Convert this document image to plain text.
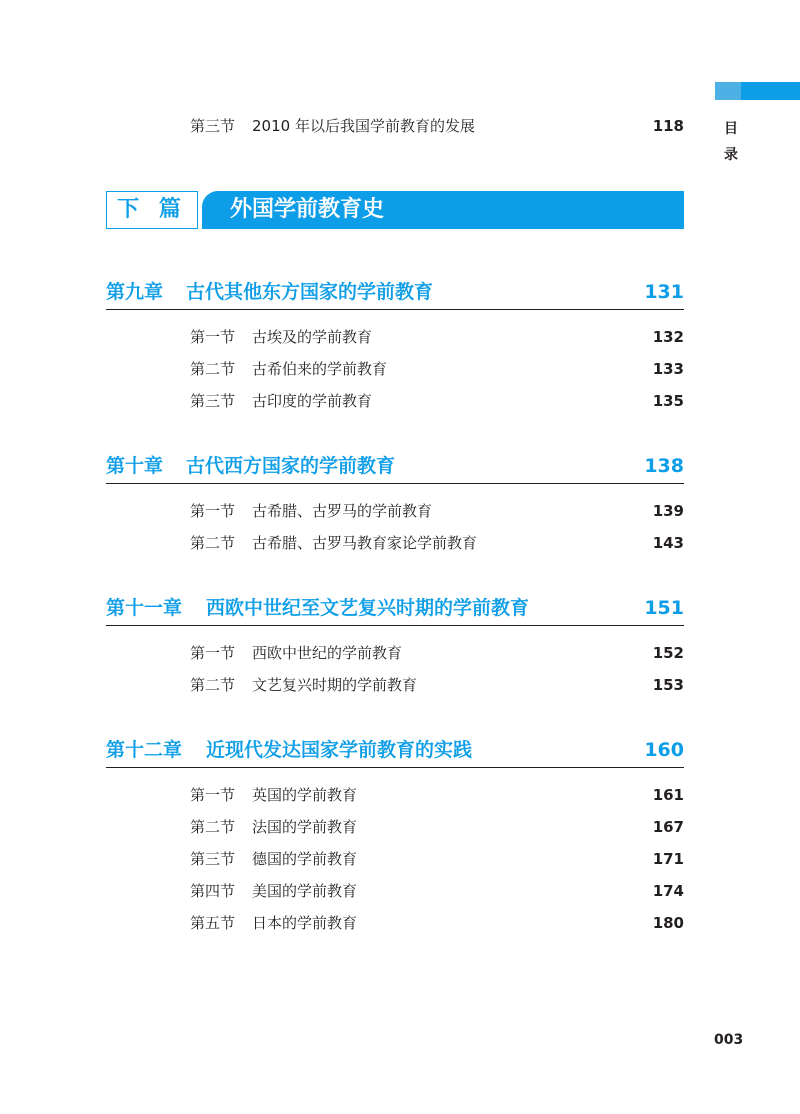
目
录
第三节 2010 年以后我国学前教育的发展	118
下 篇	外国学前教育史
第九章 古代其他东方国家的学前教育	131
第一节 古埃及的学前教育	132
第二节 古希伯来的学前教育	133
第三节 古印度的学前教育	135
第十章 古代西方国家的学前教育	138
第一节 古希腊、古罗马的学前教育	139
第二节 古希腊、古罗马教育家论学前教育	143
第十一章 西欧中世纪至文艺复兴时期的学前教育	151
第一节 西欧中世纪的学前教育	152
第二节 文艺复兴时期的学前教育	153
第十二章 近现代发达国家学前教育的实践	160
第一节 英国的学前教育	161
第二节 法国的学前教育	167
第三节 德国的学前教育	171
第四节 美国的学前教育	174
第五节 日本的学前教育	180
003
